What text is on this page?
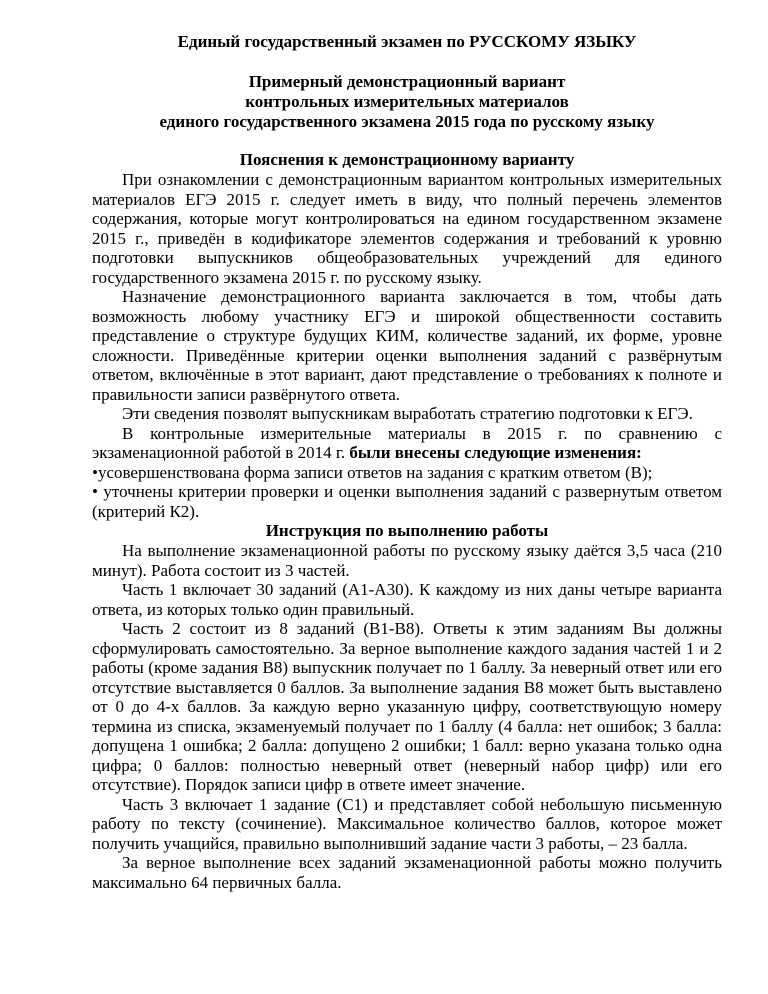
Единый государственный экзамен по РУССКОМУ ЯЗЫКУ

Примерный демонстрационный вариант

контрольных измерительных материалов

единого государственного экзамена 2015 года по русскому языку

Пояснения к демонстрационному варианту

При ознакомлении с демонстрационным вариантом контрольных измерительных материалов ЕГЭ 2015 г. следует иметь в виду, что полный перечень элементов содержания, которые могут контролироваться на едином государственном экзамене 2015 г., приведён в кодификаторе элементов содержания и требований к уровню подготовки выпускников общеобразовательных учреждений для единого государственного экзамена 2015 г. по русскому языку.

Назначение демонстрационного варианта заключается в том, чтобы дать возможность любому участнику ЕГЭ и широкой общественности составить представление о структуре будущих КИМ, количестве заданий, их форме, уровне сложности. Приведённые критерии оценки выполнения заданий с развёрнутым ответом, включённые в этот вариант, дают представление о требованиях к полноте и правильности записи развёрнутого ответа.

Эти сведения позволят выпускникам выработать стратегию подготовки к ЕГЭ.

В контрольные измерительные материалы в 2015 г. по сравнению с экзаменационной работой в 2014 г. были внесены следующие изменения:

•усовершенствована форма записи ответов на задания с кратким ответом (В);

• уточнены критерии проверки и оценки выполнения заданий с развернутым ответом (критерий К2).

Инструкция по выполнению работы

На выполнение экзаменационной работы по русскому языку даётся 3,5 часа (210 минут). Работа состоит из 3 частей.

Часть 1 включает 30 заданий (А1-А30). К каждому из них даны четыре варианта ответа, из которых только один правильный.

Часть 2 состоит из 8 заданий (В1-В8). Ответы к этим заданиям Вы должны сформулировать самостоятельно. За верное выполнение каждого задания частей 1 и 2 работы (кроме задания В8) выпускник получает по 1 баллу. За неверный ответ или его отсутствие выставляется 0 баллов. За выполнение задания В8 может быть выставлено от 0 до 4-х баллов. За каждую верно указанную цифру, соответствующую номеру термина из списка, экзаменуемый получает по 1 баллу (4 балла: нет ошибок; 3 балла: допущена 1 ошибка; 2 балла: допущено 2 ошибки; 1 балл: верно указана только одна цифра; 0 баллов: полностью неверный ответ (неверный набор цифр) или его отсутствие). Порядок записи цифр в ответе имеет значение.

Часть 3 включает 1 задание (С1) и представляет собой небольшую письменную работу по тексту (сочинение). Максимальное количество баллов, которое может получить учащийся, правильно выполнивший задание части 3 работы, – 23 балла.

За верное выполнение всех заданий экзаменационной работы можно получить максимально 64 первичных балла.
